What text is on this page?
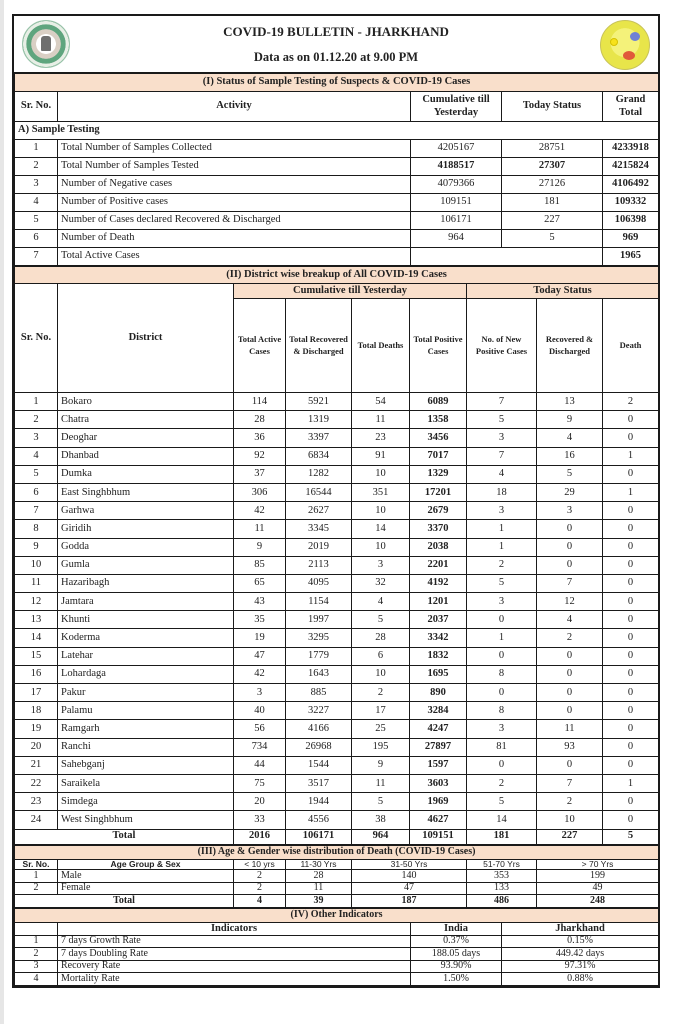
COVID-19 BULLETIN - JHARKHAND
Data as on 01.12.20 at 9.00 PM
(I) Status of Sample Testing of Suspects & COVID-19 Cases				
Sr. No.	Activity	Cumulative till Yesterday	Today Status	Grand Total
A) Sample Testing				
1	Total Number of Samples Collected	4205167	28751	4233918
2	Total Number of Samples Tested	4188517	27307	4215824
3	Number of Negative cases	4079366	27126	4106492
4	Number of Positive cases	109151	181	109332
5	Number of Cases declared Recovered & Discharged	106171	227	106398
6	Number of Death	964	5	969
7	Total Active Cases			1965
(II) District wise breakup of All COVID-19 Cases								
Sr. No.	District	Cumulative till Yesterday				Today Status		
		Total Active Cases	Total Recovered & Discharged	Total Deaths	Total Positive Cases	No. of New Positive Cases	Recovered & Discharged	Death
1	Bokaro	114	5921	54	6089	7	13	2
2	Chatra	28	1319	11	1358	5	9	0
3	Deoghar	36	3397	23	3456	3	4	0
4	Dhanbad	92	6834	91	7017	7	16	1
5	Dumka	37	1282	10	1329	4	5	0
6	East Singhbhum	306	16544	351	17201	18	29	1
7	Garhwa	42	2627	10	2679	3	3	0
8	Giridih	11	3345	14	3370	1	0	0
9	Godda	9	2019	10	2038	1	0	0
10	Gumla	85	2113	3	2201	2	0	0
11	Hazaribagh	65	4095	32	4192	5	7	0
12	Jamtara	43	1154	4	1201	3	12	0
13	Khunti	35	1997	5	2037	0	4	0
14	Koderma	19	3295	28	3342	1	2	0
15	Latehar	47	1779	6	1832	0	0	0
16	Lohardaga	42	1643	10	1695	8	0	0
17	Pakur	3	885	2	890	0	0	0
18	Palamu	40	3227	17	3284	8	0	0
19	Ramgarh	56	4166	25	4247	3	11	0
20	Ranchi	734	26968	195	27897	81	93	0
21	Sahebganj	44	1544	9	1597	0	0	0
22	Saraikela	75	3517	11	3603	2	7	1
23	Simdega	20	1944	5	1969	5	2	0
24	West Singhbhum	33	4556	38	4627	14	10	0
Total		2016	106171	964	109151	181	227	5
(III) Age & Gender wise distribution of Death (COVID-19 Cases)						
Sr. No.	Age Group & Sex	< 10 yrs	11-30 Yrs	31-50 Yrs	51-70 Yrs	> 70 Yrs
1	Male	2	28	140	353	199
2	Female	2	11	47	133	49
Total		4	39	187	486	248
(IV) Other Indicators			
	Indicators	India	Jharkhand
1	7 days Growth Rate	0.37%	0.15%
2	7 days Doubling Rate	188.05 days	449.42 days
3	Recovery Rate	93.90%	97.31%
4	Mortality Rate	1.50%	0.88%
